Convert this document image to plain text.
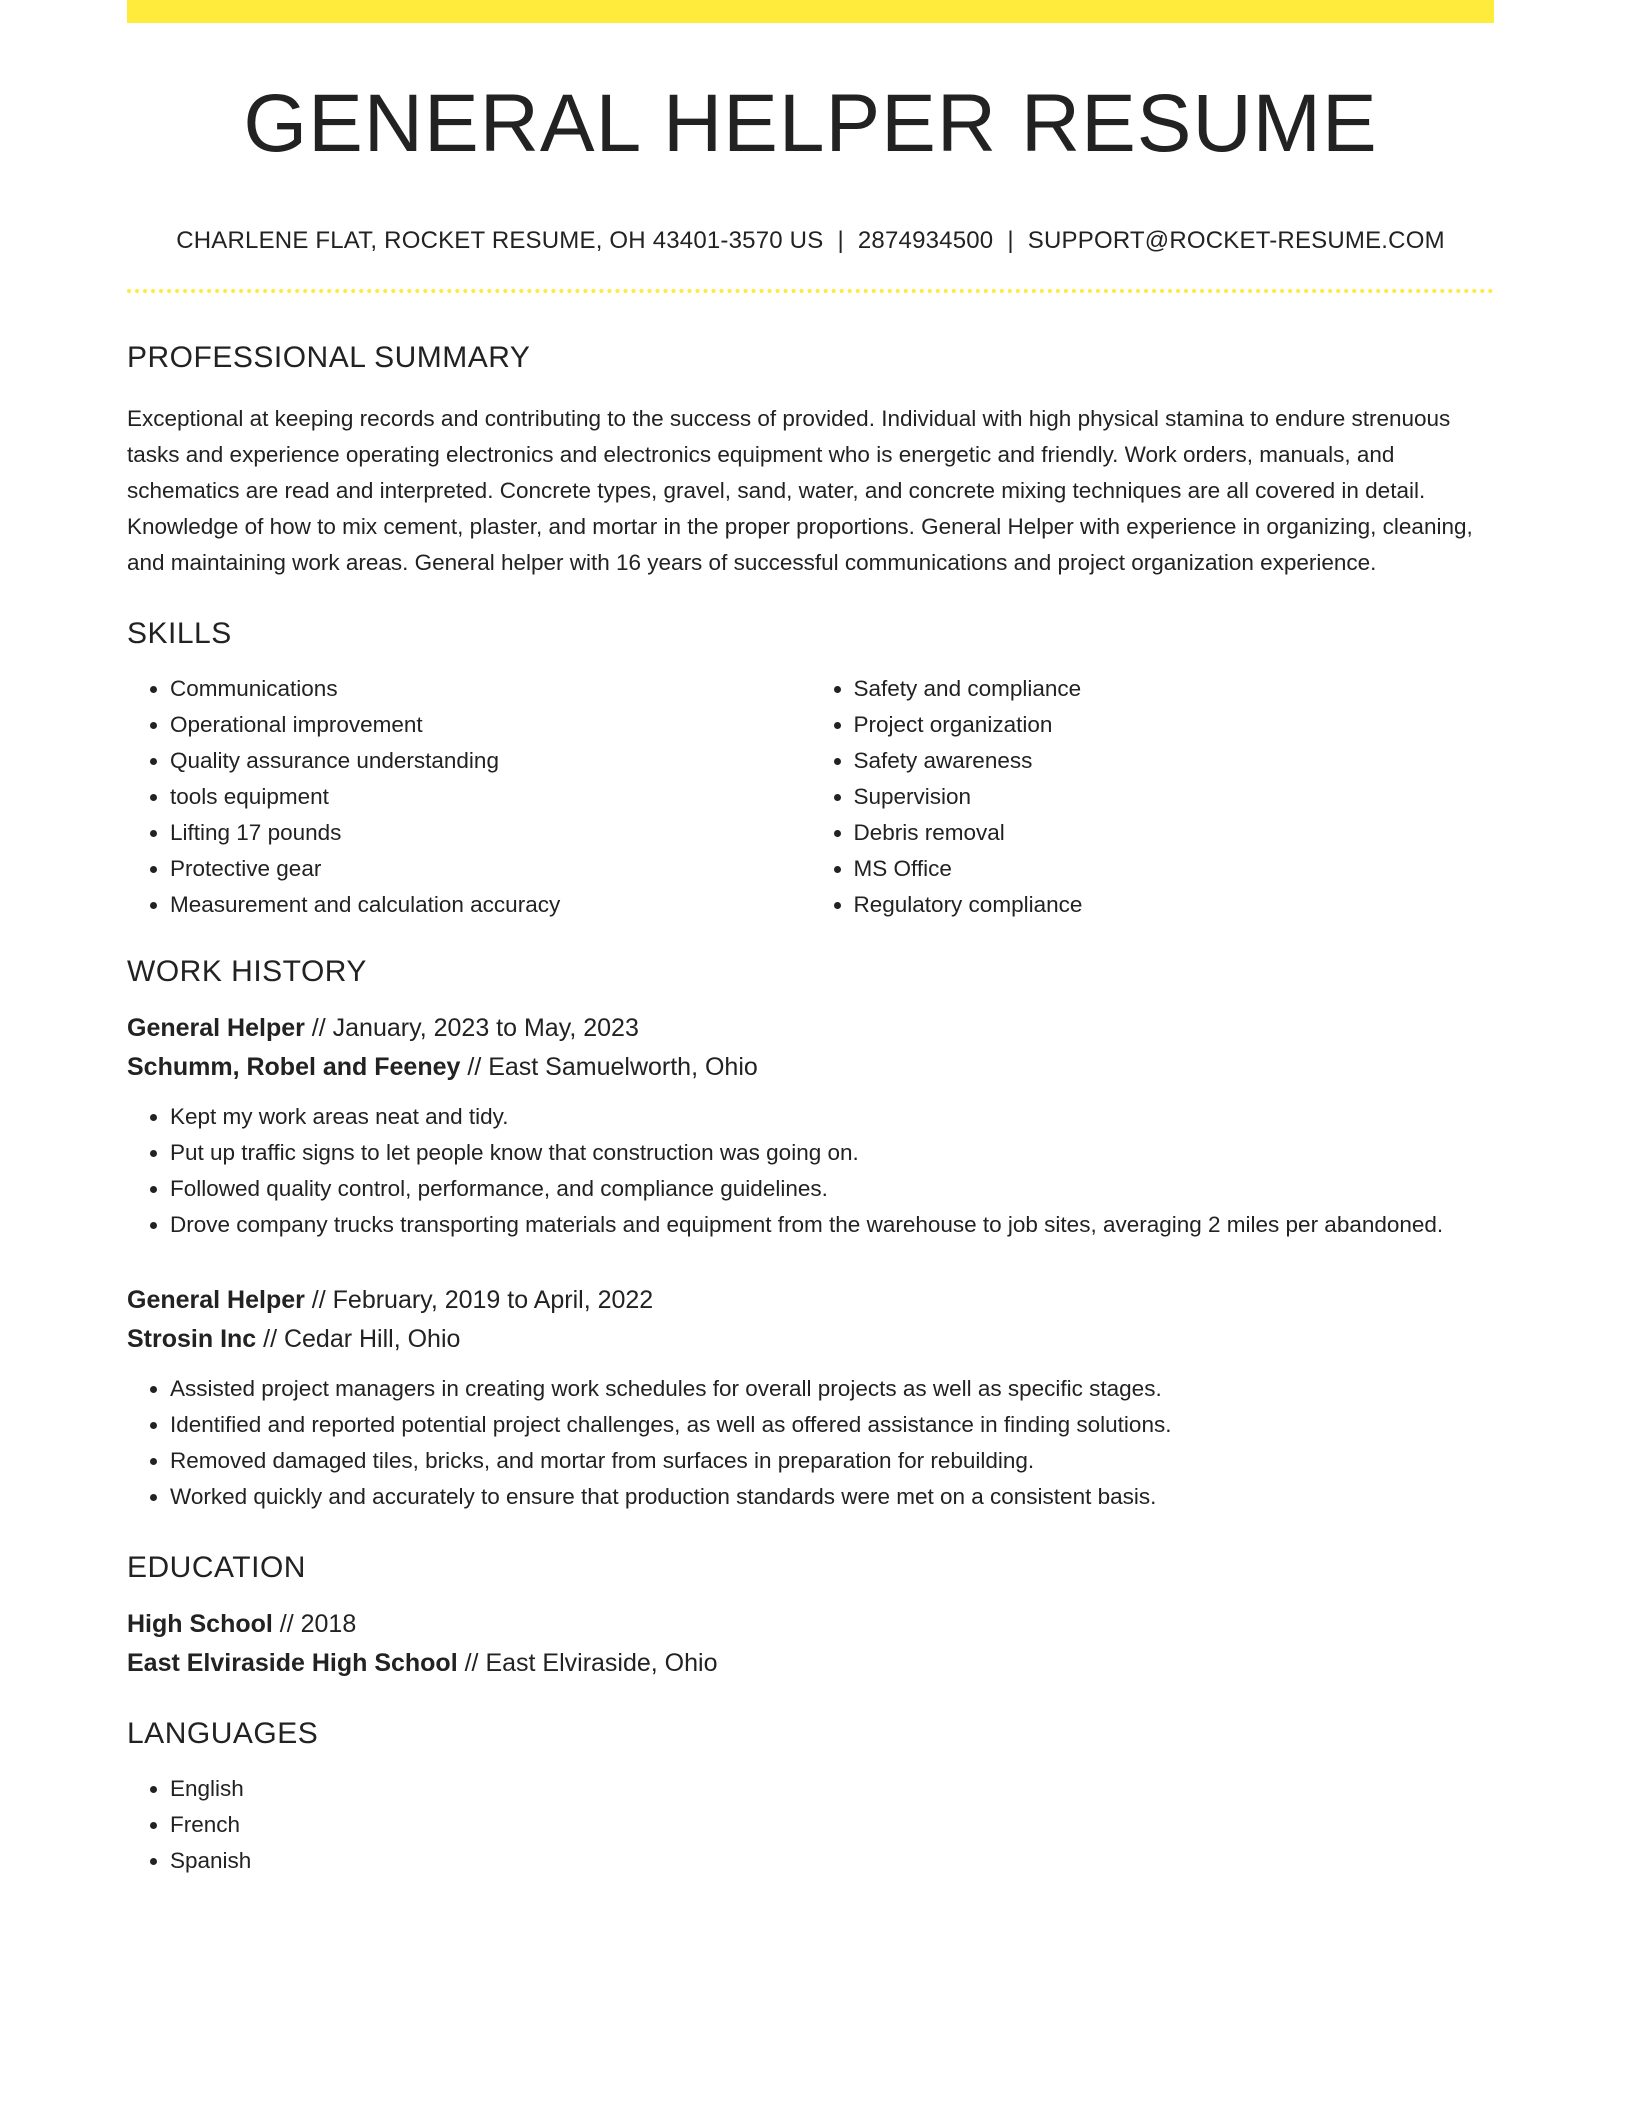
GENERAL HELPER RESUME
CHARLENE FLAT, ROCKET RESUME, OH 43401-3570 US | 2874934500 | SUPPORT@ROCKET-RESUME.COM
PROFESSIONAL SUMMARY

Exceptional at keeping records and contributing to the success of provided. Individual with high physical stamina to endure strenuous tasks and experience operating electronics and electronics equipment who is energetic and friendly. Work orders, manuals, and schematics are read and interpreted. Concrete types, gravel, sand, water, and concrete mixing techniques are all covered in detail. Knowledge of how to mix cement, plaster, and mortar in the proper proportions. General Helper with experience in organizing, cleaning, and maintaining work areas. General helper with 16 years of successful communications and project organization experience.

SKILLS
• Communications
• Operational improvement
• Quality assurance understanding
• tools equipment
• Lifting 17 pounds
• Protective gear
• Measurement and calculation accuracy
• Safety and compliance
• Project organization
• Safety awareness
• Supervision
• Debris removal
• MS Office
• Regulatory compliance
WORK HISTORY
General Helper // January, 2023 to May, 2023
Schumm, Robel and Feeney // East Samuelworth, Ohio
• Kept my work areas neat and tidy.
• Put up traffic signs to let people know that construction was going on.
• Followed quality control, performance, and compliance guidelines.
• Drove company trucks transporting materials and equipment from the warehouse to job sites, averaging 2 miles per abandoned.
General Helper // February, 2019 to April, 2022
Strosin Inc // Cedar Hill, Ohio
• Assisted project managers in creating work schedules for overall projects as well as specific stages.
• Identified and reported potential project challenges, as well as offered assistance in finding solutions.
• Removed damaged tiles, bricks, and mortar from surfaces in preparation for rebuilding.
• Worked quickly and accurately to ensure that production standards were met on a consistent basis.
EDUCATION
High School // 2018
East Elviraside High School // East Elviraside, Ohio
LANGUAGES
• English
• French
• Spanish
